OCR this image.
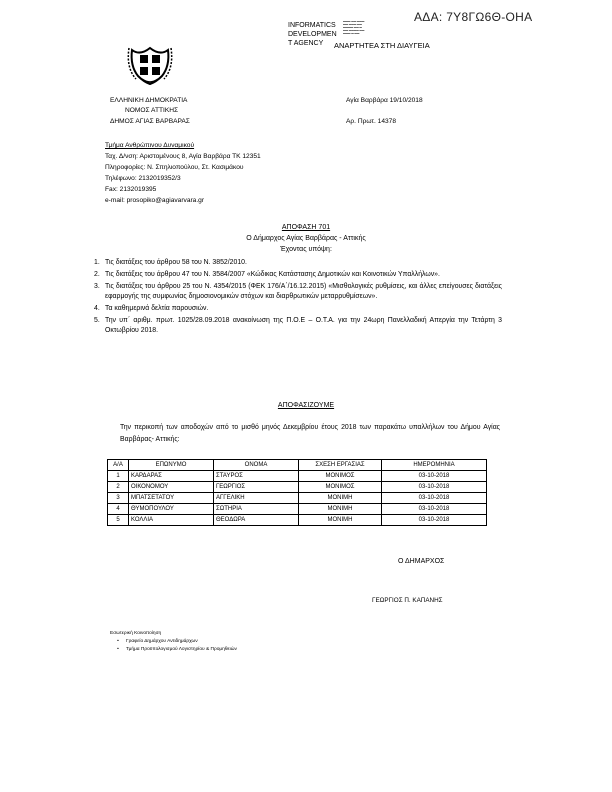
ΑΔΑ: 7Υ8ΓΩ6Θ-ΟΗΑ
INFORMATICS
DEVELOPMEN
T AGENCY
▬▬▬ ▬▬ ▬▬▬
▬▬ ▬▬▬ ▬▬
▬▬▬▬ ▬▬ ▬
▬▬ ▬▬▬▬ ▬▬
▬▬▬ ▬ ▬▬
ΑΝΑΡΤΗΤΕΑ ΣΤΗ ΔΙΑΥΓΕΙΑ
ΕΛΛΗΝΙΚΗ ΔΗΜΟΚΡΑΤΙΑ
ΝΟΜΟΣ ΑΤΤΙΚΗΣ
ΔΗΜΟΣ ΑΓΙΑΣ ΒΑΡΒΑΡΑΣ
Αγία Βαρβάρα 19/10/2018
Αρ. Πρωτ. 14378
Τμήμα Ανθρώπινου Δυναμικού
Ταχ. Δ/νση: Αριστομένους 8, Αγία Βαρβάρα ΤΚ 12351
Πληροφορίες: Ν. Σπηλιοπούλου, Στ. Κασιμάκου
Τηλέφωνο: 2132019352/3
Fax: 2132019395
e-mail: prosopiko@agiavarvara.gr
ΑΠΟΦΑΣΗ 701
Ο Δήμαρχος Αγίας Βαρβάρας - Αττικής
Έχοντας υπόψη:
1. Τις διατάξεις του άρθρου 58 του Ν. 3852/2010.
2. Τις διατάξεις του άρθρου 47 του Ν. 3584/2007 «Κώδικας Κατάστασης Δημοτικών και Κοινοτικών Υπαλλήλων».
3. Τις διατάξεις του άρθρου 25 του Ν. 4354/2015 (ΦΕΚ 176/Α΄/16.12.2015) «Μισθολογικές ρυθμίσεις, και άλλες επείγουσες διατάξεις εφαρμογής της συμφωνίας δημοσιονομικών στόχων και διαρθρωτικών μεταρρυθμίσεων».
4. Τα καθημερινά δελτία παρουσιών.
5. Την υπ΄ αριθμ. πρωτ. 1025/28.09.2018 ανακοίνωση της Π.Ο.Ε – Ο.Τ.Α. για την 24ωρη Πανελλαδική Απεργία την Τετάρτη 3 Οκτωβρίου 2018.
ΑΠΟΦΑΣΙΖΟΥΜΕ
Την περικοπή των αποδοχών από το μισθό μηνός Δεκεμβρίου έτους 2018 των παρακάτω υπαλλήλων του Δήμου Αγίας Βαρβάρας- Αττικής:
Α/Α	ΕΠΩΝΥΜΟ	ΟΝΟΜΑ	ΣΧΕΣΗ ΕΡΓΑΣΙΑΣ	ΗΜΕΡΟΜΗΝΙΑ
1	ΚΑΡΔΑΡΑΣ	ΣΤΑΥΡΟΣ	ΜΟΝΙΜΟΣ	03-10-2018
2	ΟΙΚΟΝΟΜΟΥ	ΓΕΩΡΓΙΟΣ	ΜΟΝΙΜΟΣ	03-10-2018
3	ΜΠΑΤΣΕΤΑΤΟΥ	ΑΓΓΕΛΙΚΗ	ΜΟΝΙΜΗ	03-10-2018
4	ΘΥΜΟΠΟΥΛΟΥ	ΣΩΤΗΡΙΑ	ΜΟΝΙΜΗ	03-10-2018
5	ΚΟΛΛΙΑ	ΘΕΟΔΩΡΑ	ΜΟΝΙΜΗ	03-10-2018
Ο ΔΗΜΑΡΧΟΣ
ΓΕΩΡΓΙΟΣ Π. ΚΑΠΑΝΗΣ
Εσωτερική Κοινοποίηση
• Γραφείο Δημάρχου Αντιδημάρχων
• Τμήμα Προϋπολογισμού Λογιστηρίου & Προμηθειών
